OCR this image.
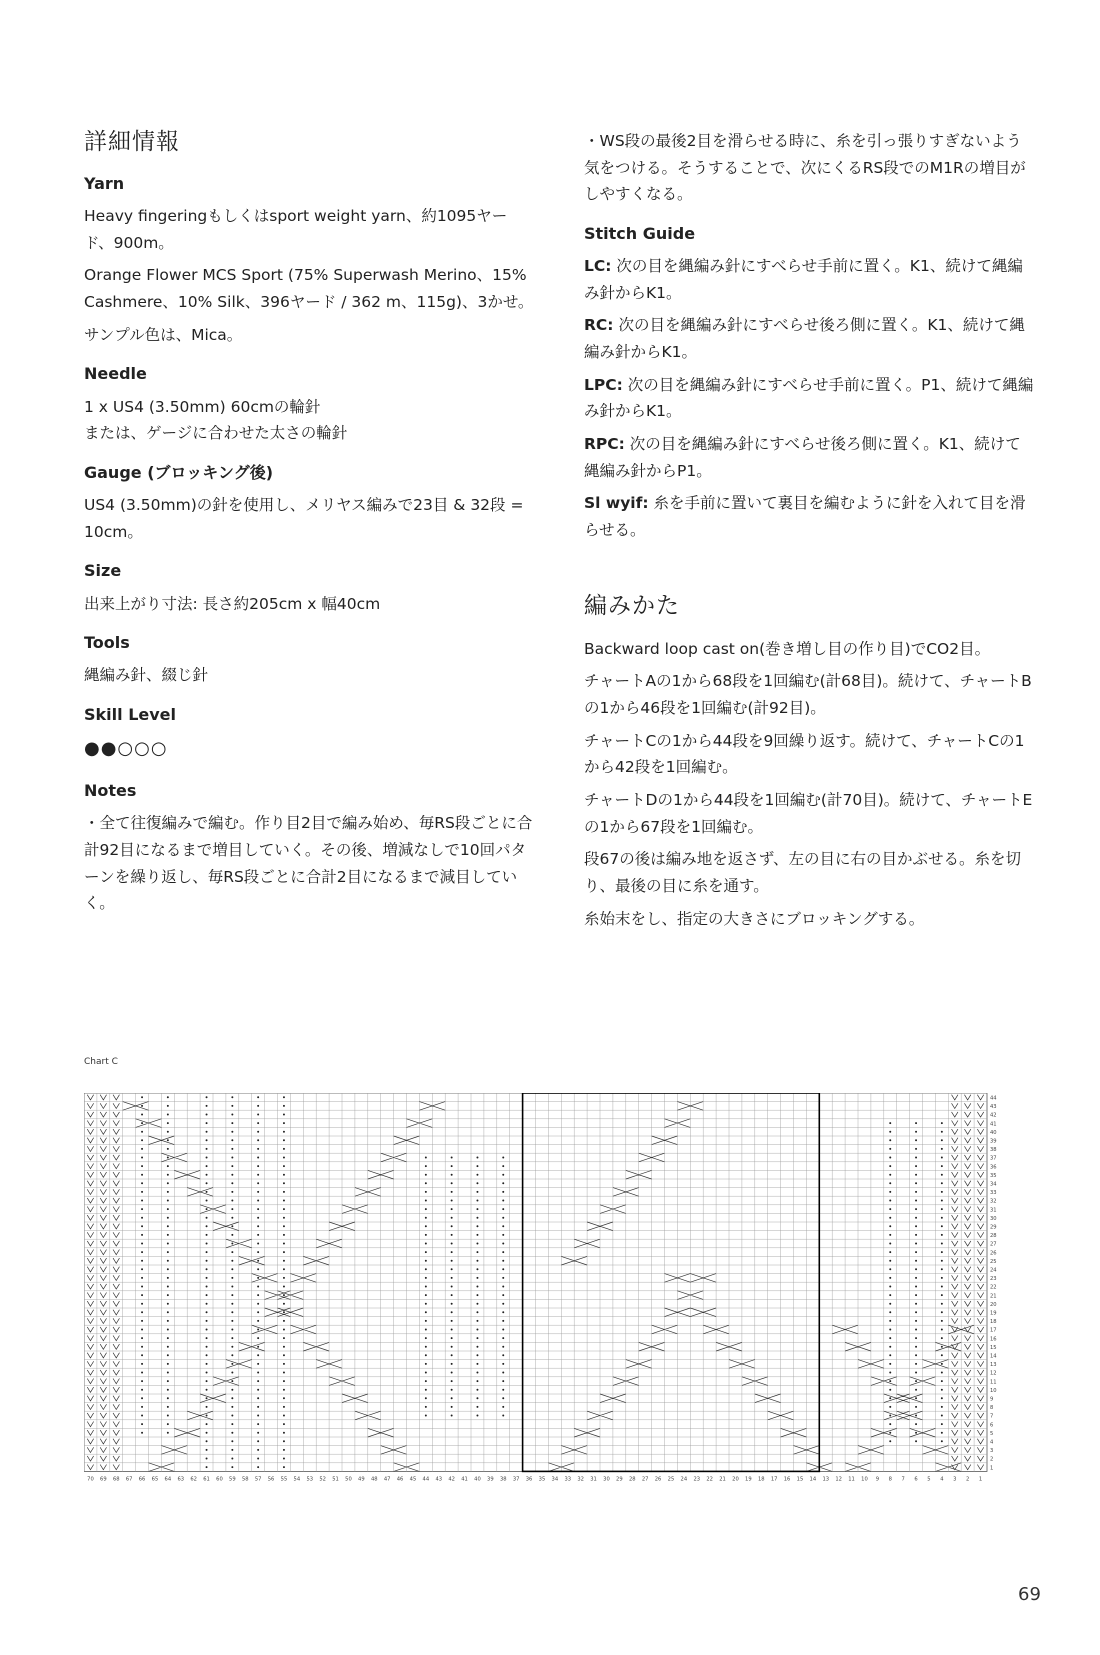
詳細情報
Yarn

Heavy fingeringもしくはsport weight yarn、約1095ヤード、900m。

Orange Flower MCS Sport (75% Superwash Merino、15% Cashmere、10% Silk、396ヤード / 362 m、115g)、3かせ。

サンプル色は、Mica。

Needle

1 x US4 (3.50mm) 60cmの輪針

または、ゲージに合わせた太さの輪針

Gauge (ブロッキング後)

US4 (3.50mm)の針を使用し、メリヤス編みで23目 & 32段 = 10cm。

Size

出来上がり寸法: 長さ約205cm x 幅40cm

Tools

縄編み針、綴じ針

Skill Level

●●○○○

Notes

・全て往復編みで編む。作り目2目で編み始め、毎RS段ごとに合計92目になるまで増目していく。その後、増減なしで10回パターンを繰り返し、毎RS段ごとに合計2目になるまで減目していく。

・WS段の最後2目を滑らせる時に、糸を引っ張りすぎないよう気をつける。そうすることで、次にくるRS段でのM1Rの増目がしやすくなる。

Stitch Guide

LC: 次の目を縄編み針にすべらせ手前に置く。K1、続けて縄編み針からK1。

RC: 次の目を縄編み針にすべらせ後ろ側に置く。K1、続けて縄編み針からK1。

LPC: 次の目を縄編み針にすべらせ手前に置く。P1、続けて縄編み針からK1。

RPC: 次の目を縄編み針にすべらせ後ろ側に置く。K1、続けて縄編み針からP1。

Sl wyif: 糸を手前に置いて裏目を編むように針を入れて目を滑らせる。

編みかた

Backward loop cast on(巻き増し目の作り目)でCO2目。

チャートAの1から68段を1回編む(計68目)。続けて、チャートBの1から46段を1回編む(計92目)。

チャートCの1から44段を9回繰り返す。続けて、チャートCの1から42段を1回編む。

チャートDの1から44段を1回編む(計70目)。続けて、チャートEの1から67段を1回編む。

段67の後は編み地を返さず、左の目に右の目かぶせる。糸を切り、最後の目に糸を通す。

糸始末をし、指定の大きさにブロッキングする。

Chart C
1
2
3
4
5
6
7
8
9
10
11
12
13
14
15
16
17
18
19
20
21
22
23
24
25
26
27
28
29
30
31
32
33
34
35
36
37
38
39
40
41
42
43
44
1
2
3
4
5
6
7
8
9
10
11
12
13
14
15
16
17
18
19
20
21
22
23
24
25
26
27
28
29
30
31
32
33
34
35
36
37
38
39
40
41
42
43
44
45
46
47
48
49
50
51
52
53
54
55
56
57
58
59
60
61
62
63
64
65
66
67
68
69
70
69
